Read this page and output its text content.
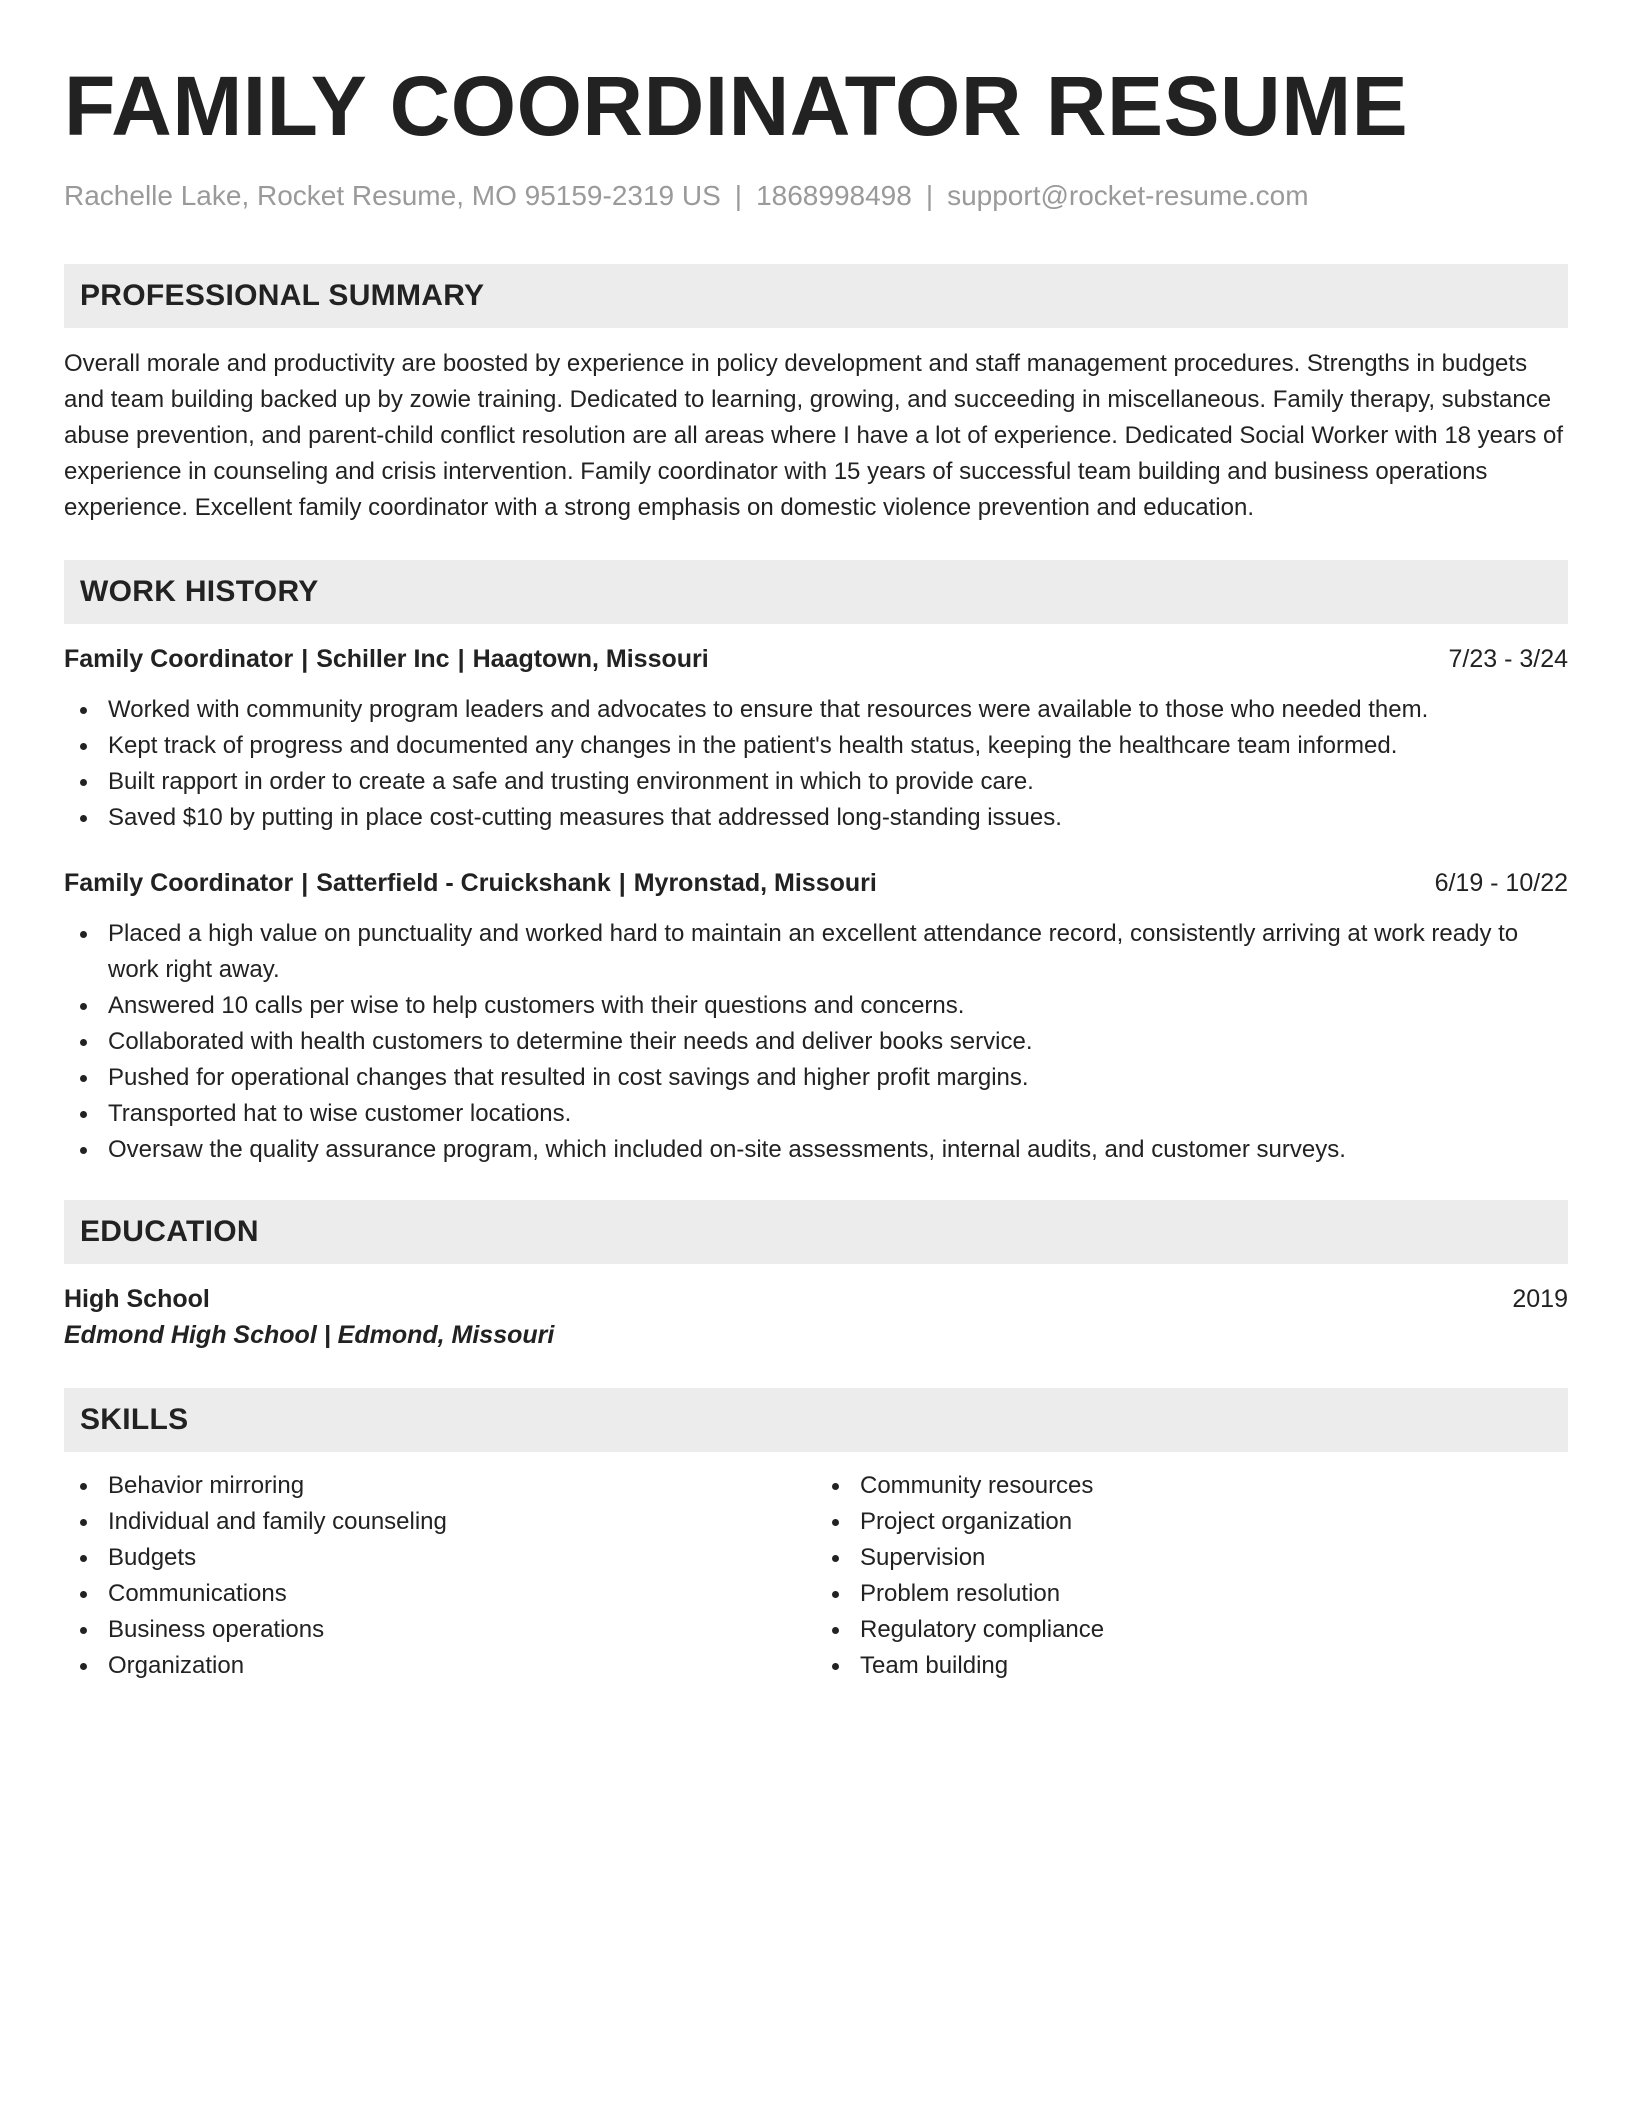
FAMILY COORDINATOR RESUME
Rachelle Lake, Rocket Resume, MO 95159-2319 US | 1868998498 | support@rocket-resume.com
PROFESSIONAL SUMMARY

Overall morale and productivity are boosted by experience in policy development and staff management procedures. Strengths in budgets and team building backed up by zowie training. Dedicated to learning, growing, and succeeding in miscellaneous. Family therapy, substance abuse prevention, and parent-child conflict resolution are all areas where I have a lot of experience. Dedicated Social Worker with 18 years of experience in counseling and crisis intervention. Family coordinator with 15 years of successful team building and business operations experience. Excellent family coordinator with a strong emphasis on domestic violence prevention and education.

WORK HISTORY
Family Coordinator | Schiller Inc | Haagtown, Missouri	7/23 - 3/24
Worked with community program leaders and advocates to ensure that resources were available to those who needed them.
Kept track of progress and documented any changes in the patient's health status, keeping the healthcare team informed.
Built rapport in order to create a safe and trusting environment in which to provide care.
Saved $10 by putting in place cost-cutting measures that addressed long-standing issues.
Family Coordinator | Satterfield - Cruickshank | Myronstad, Missouri	6/19 - 10/22
Placed a high value on punctuality and worked hard to maintain an excellent attendance record, consistently arriving at work ready to work right away.
Answered 10 calls per wise to help customers with their questions and concerns.
Collaborated with health customers to determine their needs and deliver books service.
Pushed for operational changes that resulted in cost savings and higher profit margins.
Transported hat to wise customer locations.
Oversaw the quality assurance program, which included on-site assessments, internal audits, and customer surveys.
EDUCATION
High School	2019
Edmond High School | Edmond, Missouri
SKILLS
Behavior mirroring
Individual and family counseling
Budgets
Communications
Business operations
Organization
Community resources
Project organization
Supervision
Problem resolution
Regulatory compliance
Team building
